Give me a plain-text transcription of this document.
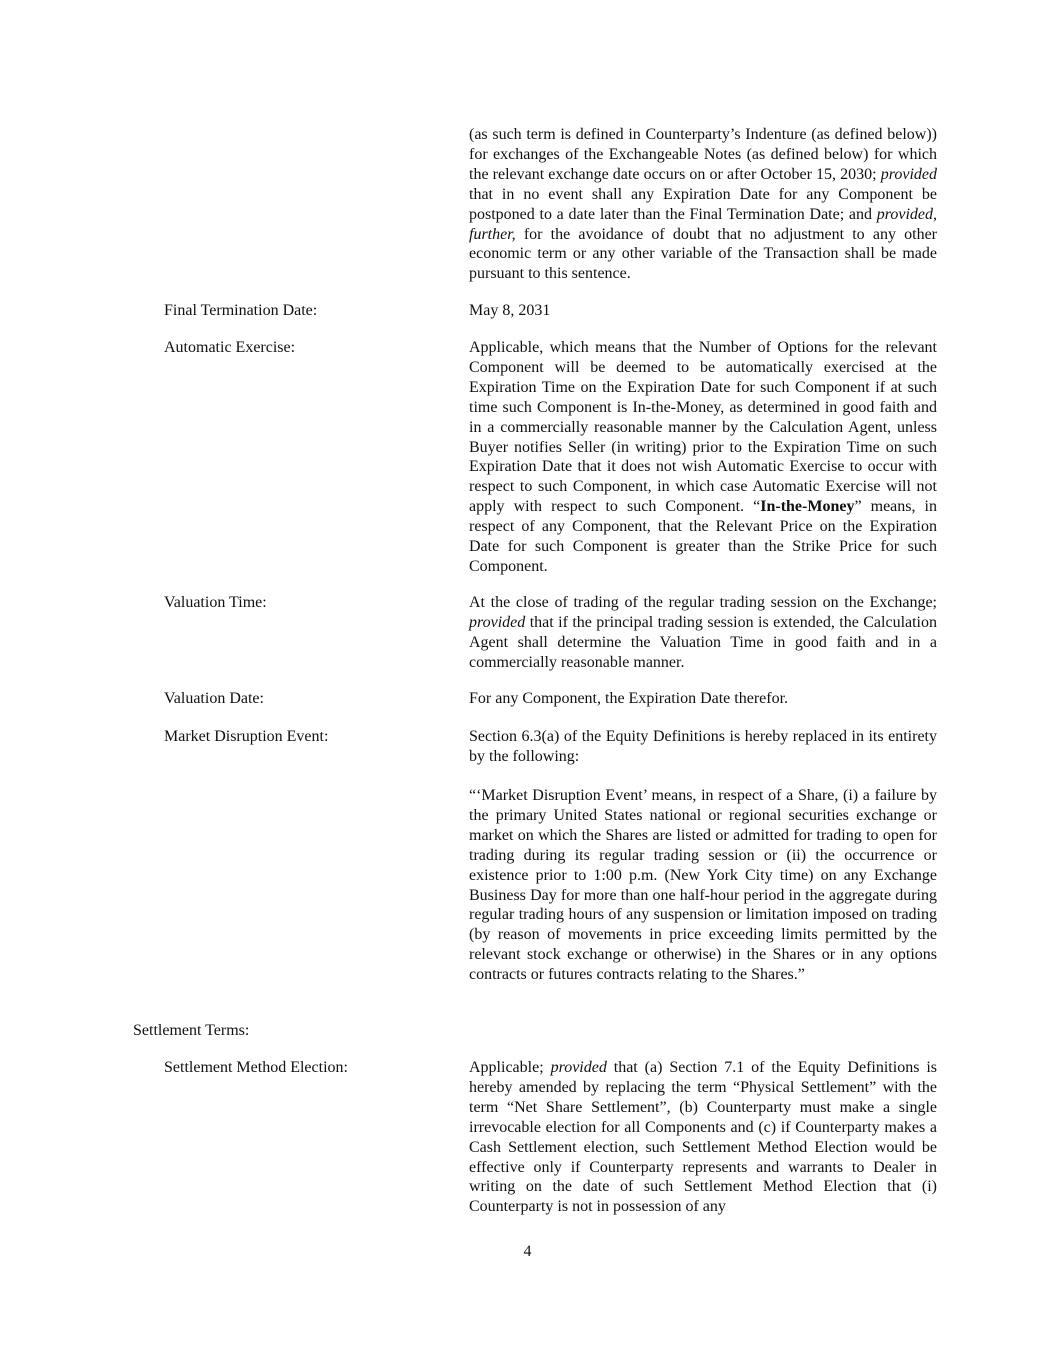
(as such term is defined in Counterparty’s Indenture (as defined below)) for exchanges of the Exchangeable Notes (as defined below) for which the relevant exchange date occurs on or after October 15, 2030; provided that in no event shall any Expiration Date for any Component be postponed to a date later than the Final Termination Date; and provided, further, for the avoidance of doubt that no adjustment to any other economic term or any other variable of the Transaction shall be made pursuant to this sentence.
Final Termination Date:	May 8, 2031
Automatic Exercise:	Applicable, which means that the Number of Options for the relevant Component will be deemed to be automatically exercised at the Expiration Time on the Expiration Date for such Component if at such time such Component is In-the-Money, as determined in good faith and in a commercially reasonable manner by the Calculation Agent, unless Buyer notifies Seller (in writing) prior to the Expiration Time on such Expiration Date that it does not wish Automatic Exercise to occur with respect to such Component, in which case Automatic Exercise will not apply with respect to such Component. “In-the-Money” means, in respect of any Component, that the Relevant Price on the Expiration Date for such Component is greater than the Strike Price for such Component.
Valuation Time:	At the close of trading of the regular trading session on the Exchange; provided that if the principal trading session is extended, the Calculation Agent shall determine the Valuation Time in good faith and in a commercially reasonable manner.
Valuation Date:	For any Component, the Expiration Date therefor.
Market Disruption Event:	Section 6.3(a) of the Equity Definitions is hereby replaced in its entirety by the following:
“‘Market Disruption Event’ means, in respect of a Share, (i) a failure by the primary United States national or regional securities exchange or market on which the Shares are listed or admitted for trading to open for trading during its regular trading session or (ii) the occurrence or existence prior to 1:00 p.m. (New York City time) on any Exchange Business Day for more than one half-hour period in the aggregate during regular trading hours of any suspension or limitation imposed on trading (by reason of movements in price exceeding limits permitted by the relevant stock exchange or otherwise) in the Shares or in any options contracts or futures contracts relating to the Shares.”
Settlement Terms:
Settlement Method Election:	Applicable; provided that (a) Section 7.1 of the Equity Definitions is hereby amended by replacing the term “Physical Settlement” with the term “Net Share Settlement”, (b) Counterparty must make a single irrevocable election for all Components and (c) if Counterparty makes a Cash Settlement election, such Settlement Method Election would be effective only if Counterparty represents and warrants to Dealer in writing on the date of such Settlement Method Election that (i) Counterparty is not in possession of any
4
